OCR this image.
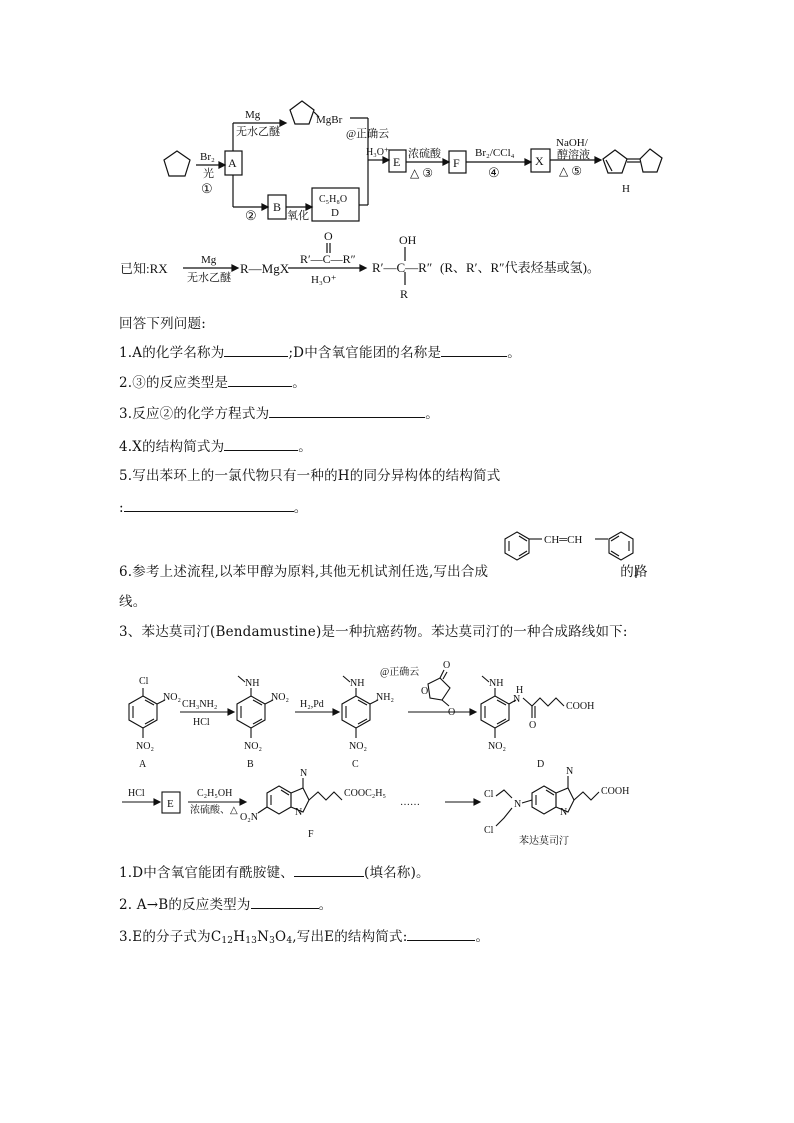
Mg
无水乙醚
MgBr
@正确云
Br₂
光
①
A
②
B
氧化
C₅H₈O
D
H₃O⁺
E
浓硫酸
△ ③
F
Br₂/CCl₄
④
X
NaOH/
醇溶液
△ ⑤
H
已知:RX
Mg
无水乙醚
R—MgX
O
R′—C—R″
H₃O⁺
OH
R′—C—R″
R
(R、R′、R″代表烃基或氢)。
回答下列问题:
1.A的化学名称为	;D中含氧官能团的名称是	。
2.③的反应类型是	。
3.反应②的化学方程式为	。
4.X的结构简式为	。
5.写出苯环上的一氯代物只有一种的H的同分异构体的结构简式
:	。
CH═CH
6.参考上述流程,以苯甲醇为原料,其他无机试剂任选,写出合成	的路
线。
3、苯达莫司汀(Bendamustine)是一种抗癌药物。苯达莫司汀的一种合成路线如下:
Cl
NO₂
NO₂
A
CH₃NH₂
HCl
NH
NO₂
NO₂
B
H₂,Pd
NH
NH₂
NO₂
C
@正确云
O
O
O
NH
H
N
O
COOH
NO₂
D
HCl
E
C₂H₅OH
浓硫酸、△
N
N
COOC₂H₅
O₂N
F
……
N
N
N
COOH
Cl
Cl
苯达莫司汀
1.D中含氧官能团有酰胺键、	(填名称)。
2. A→B的反应类型为	。
3.E的分子式为$C_{12}H_{13}N_3O_4$,写出E的结构简式:	。
